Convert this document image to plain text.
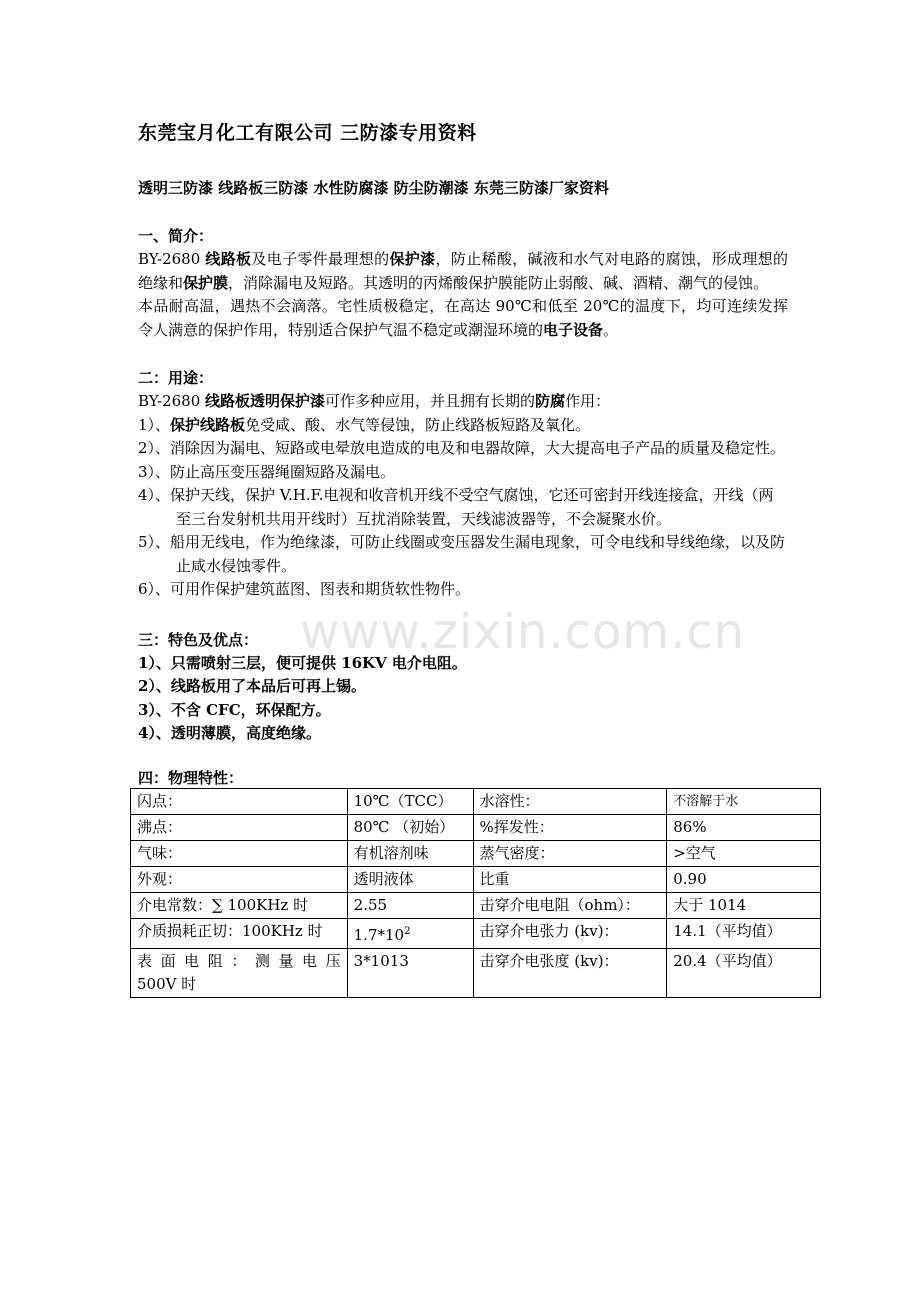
www.zixin.com.cn
东莞宝月化工有限公司 三防漆专用资料
透明三防漆 线路板三防漆 水性防腐漆 防尘防潮漆 东莞三防漆厂家资料
一、简介：
BY-2680 线路板及电子零件最理想的保护漆，防止稀酸，碱液和水气对电路的腐蚀，形成理想的绝缘和保护膜，消除漏电及短路。其透明的丙烯酸保护膜能防止弱酸、碱、酒精、潮气的侵蚀。
本品耐高温，遇热不会滴落。宅性质极稳定，在高达 90℃和低至 20℃的温度下，均可连续发挥令人满意的保护作用，特别适合保护气温不稳定或潮湿环境的电子设备。
二：用途：
BY-2680 线路板透明保护漆可作多种应用，并且拥有长期的防腐作用：
1）、保护线路板免受咸、酸、水气等侵蚀，防止线路板短路及氧化。
2）、消除因为漏电、短路或电晕放电造成的电及和电器故障，大大提高电子产品的质量及稳定性。
3）、防止高压变压器绳圈短路及漏电。
4）、保护天线，保护 V.H.F.电视和收音机开线不受空气腐蚀，它还可密封开线连接盒，开线（两至三台发射机共用开线时）互扰消除装置，天线滤波器等，不会凝聚水价。
5）、船用无线电，作为绝缘漆，可防止线圈或变压器发生漏电现象，可令电线和导线绝缘，以及防止咸水侵蚀零件。
6）、可用作保护建筑蓝图、图表和期货软性物件。
三：特色及优点：
1）、只需喷射三层，便可提供 16KV 电介电阻。
2）、线路板用了本品后可再上锡。
3）、不含 CFC，环保配方。
4）、透明薄膜，高度绝缘。
四：物理特性：
闪点：	10℃（TCC）	水溶性：	不溶解于水
沸点：	80℃ （初始）	%挥发性：	86%
气味：	有机溶剂味	蒸气密度：	>空气
外观：	透明液体	比重	0.90
介电常数：∑ 100KHz 时	2.55	击穿介电电阻（ohm）：	大于 1014
介质损耗正切：100KHz 时	$1.7*10^2$	击穿介电张力 (kv)：	14.1（平均值）
表 面 电 阻 ： 测 量 电 压 500V 时	3*1013	击穿介电张度 (kv)：	20.4（平均值）
